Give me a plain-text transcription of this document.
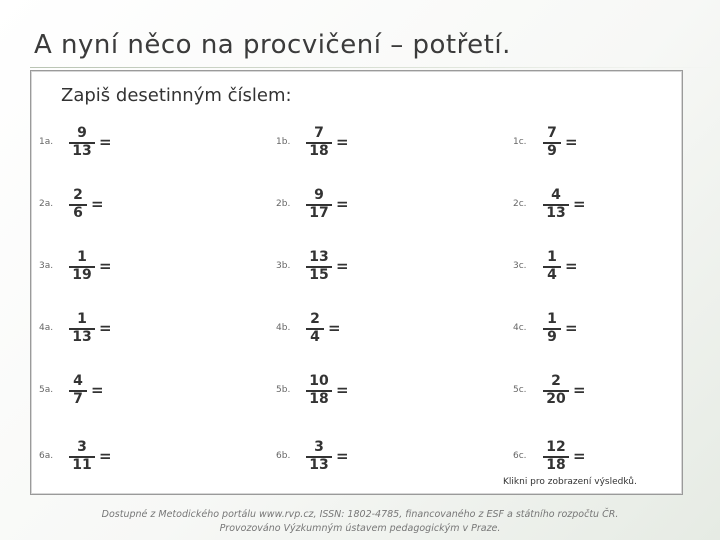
A nyní něco na procvičení – potřetí.
Zapiš desetinným číslem:
1a.
9
13 =	1b.
7
18 =	1c.
7
9 =
2a.
2
6 =	2b.
9
17 =	2c.
4
13 =
3a.
1
19 =	3b.
13
15 =	3c.
1
4 =
4a.
1
13 =	4b.
2
4 =	4c.
1
9 =
5a.
4
7 =	5b.
10
18 =	5c.
2
20 =
6a.
3
11 =	6b.
3
13 =	6c.
12
18 =
Klikni pro zobrazení výsledků.
Dostupné z Metodického portálu www.rvp.cz, ISSN: 1802-4785, financovaného z ESF a státního rozpočtu ČR.
Provozováno Výzkumným ústavem pedagogickým v Praze.
